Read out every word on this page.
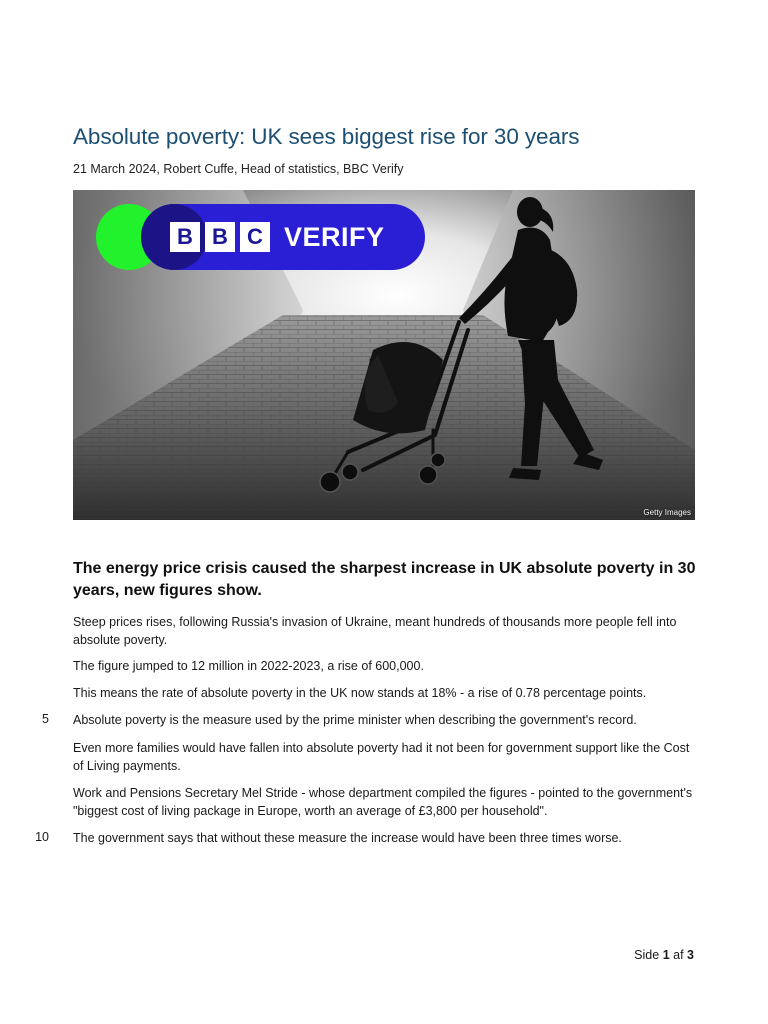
Absolute poverty: UK sees biggest rise for 30 years
21 March 2024, Robert Cuffe, Head of statistics, BBC Verify
B B C VERIFY
Getty Images

The energy price crisis caused the sharpest increase in UK absolute poverty in 30 years, new figures show.

Steep prices rises, following Russia's invasion of Ukraine, meant hundreds of thousands more people fell into absolute poverty.

The figure jumped to 12 million in 2022-2023, a rise of 600,000.

This means the rate of absolute poverty in the UK now stands at 18% - a rise of 0.78 percentage points.

5 Absolute poverty is the measure used by the prime minister when describing the government's record.

Even more families would have fallen into absolute poverty had it not been for government support like the Cost of Living payments.

Work and Pensions Secretary Mel Stride - whose department compiled the figures - pointed to the government's "biggest cost of living package in Europe, worth an average of £3,800 per household".

10 The government says that without these measure the increase would have been three times worse.

Side 1 af 3
